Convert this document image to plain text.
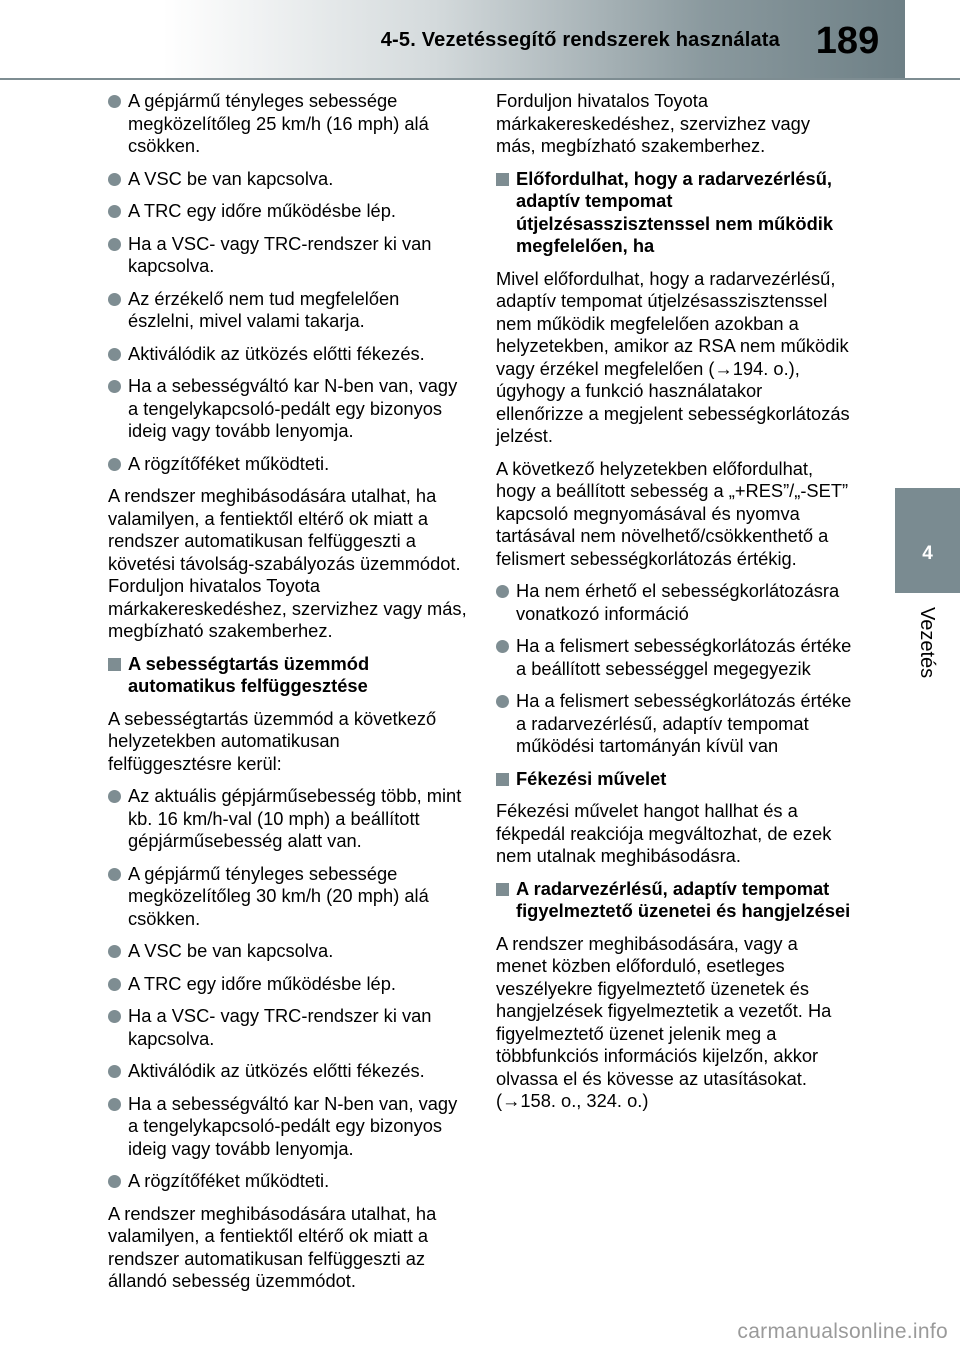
4-5. Vezetéssegítő rendszerek használata 189
4
Vezetés
A gépjármű tényleges sebessége megközelítőleg 25 km/h (16 mph) alá csökken.
A VSC be van kapcsolva.
A TRC egy időre működésbe lép.
Ha a VSC- vagy TRC-rendszer ki van kapcsolva.
Az érzékelő nem tud megfelelően észlelni, mivel valami takarja.
Aktiválódik az ütközés előtti fékezés.
Ha a sebességváltó kar N-ben van, vagy a tengelykapcsoló-pedált egy bizonyos ideig vagy tovább lenyomja.
A rögzítőféket működteti.
A rendszer meghibásodására utalhat, ha valamilyen, a fentiektől eltérő ok miatt a rendszer automatikusan felfüggeszti a követési távolság-szabályozás üzemmódot. Forduljon hivatalos Toyota márkakereskedéshez, szervizhez vagy más, megbízható szakemberhez.
A sebességtartás üzemmód automatikus felfüggesztése
A sebességtartás üzemmód a következő helyzetekben automatikusan felfüggesztésre kerül:
Az aktuális gépjárműsebesség több, mint kb. 16 km/h-val (10 mph) a beállított gépjárműsebesség alatt van.
A gépjármű tényleges sebessége megközelítőleg 30 km/h (20 mph) alá csökken.
A VSC be van kapcsolva.
A TRC egy időre működésbe lép.
Ha a VSC- vagy TRC-rendszer ki van kapcsolva.
Aktiválódik az ütközés előtti fékezés.
Ha a sebességváltó kar N-ben van, vagy a tengelykapcsoló-pedált egy bizonyos ideig vagy tovább lenyomja.
A rögzítőféket működteti.
A rendszer meghibásodására utalhat, ha valamilyen, a fentiektől eltérő ok miatt a rendszer automatikusan felfüggeszti az állandó sebesség üzemmódot.
Forduljon hivatalos Toyota márkakereskedéshez, szervizhez vagy más, megbízható szakemberhez.
Előfordulhat, hogy a radarvezérlésű, adaptív tempomat útjelzésasszisztenssel nem működik megfelelően, ha
Mivel előfordulhat, hogy a radarvezérlésű, adaptív tempomat útjelzésasszisztenssel nem működik megfelelően azokban a helyzetekben, amikor az RSA nem működik vagy érzékel megfelelően (→194. o.), úgyhogy a funkció használatakor ellenőrizze a megjelent sebességkorlátozás jelzést.
A következő helyzetekben előfordulhat, hogy a beállított sebesség a „+RES”/„-SET” kapcsoló megnyomásával és nyomva tartásával nem növelhető/csökkenthető a felismert sebességkorlátozás értékig.
Ha nem érhető el sebességkorlátozásra vonatkozó információ
Ha a felismert sebességkorlátozás értéke a beállított sebességgel megegyezik
Ha a felismert sebességkorlátozás értéke a radarvezérlésű, adaptív tempomat működési tartományán kívül van
Fékezési művelet
Fékezési művelet hangot hallhat és a fékpedál reakciója megváltozhat, de ezek nem utalnak meghibásodásra.
A radarvezérlésű, adaptív tempomat figyelmeztető üzenetei és hangjelzései
A rendszer meghibásodására, vagy a menet közben előforduló, esetleges veszélyekre figyelmeztető üzenetek és hangjelzések figyelmeztetik a vezetőt. Ha figyelmeztető üzenet jelenik meg a többfunkciós információs kijelzőn, akkor olvassa el és kövesse az utasításokat. (→158. o., 324. o.)
carmanualsonline.info
